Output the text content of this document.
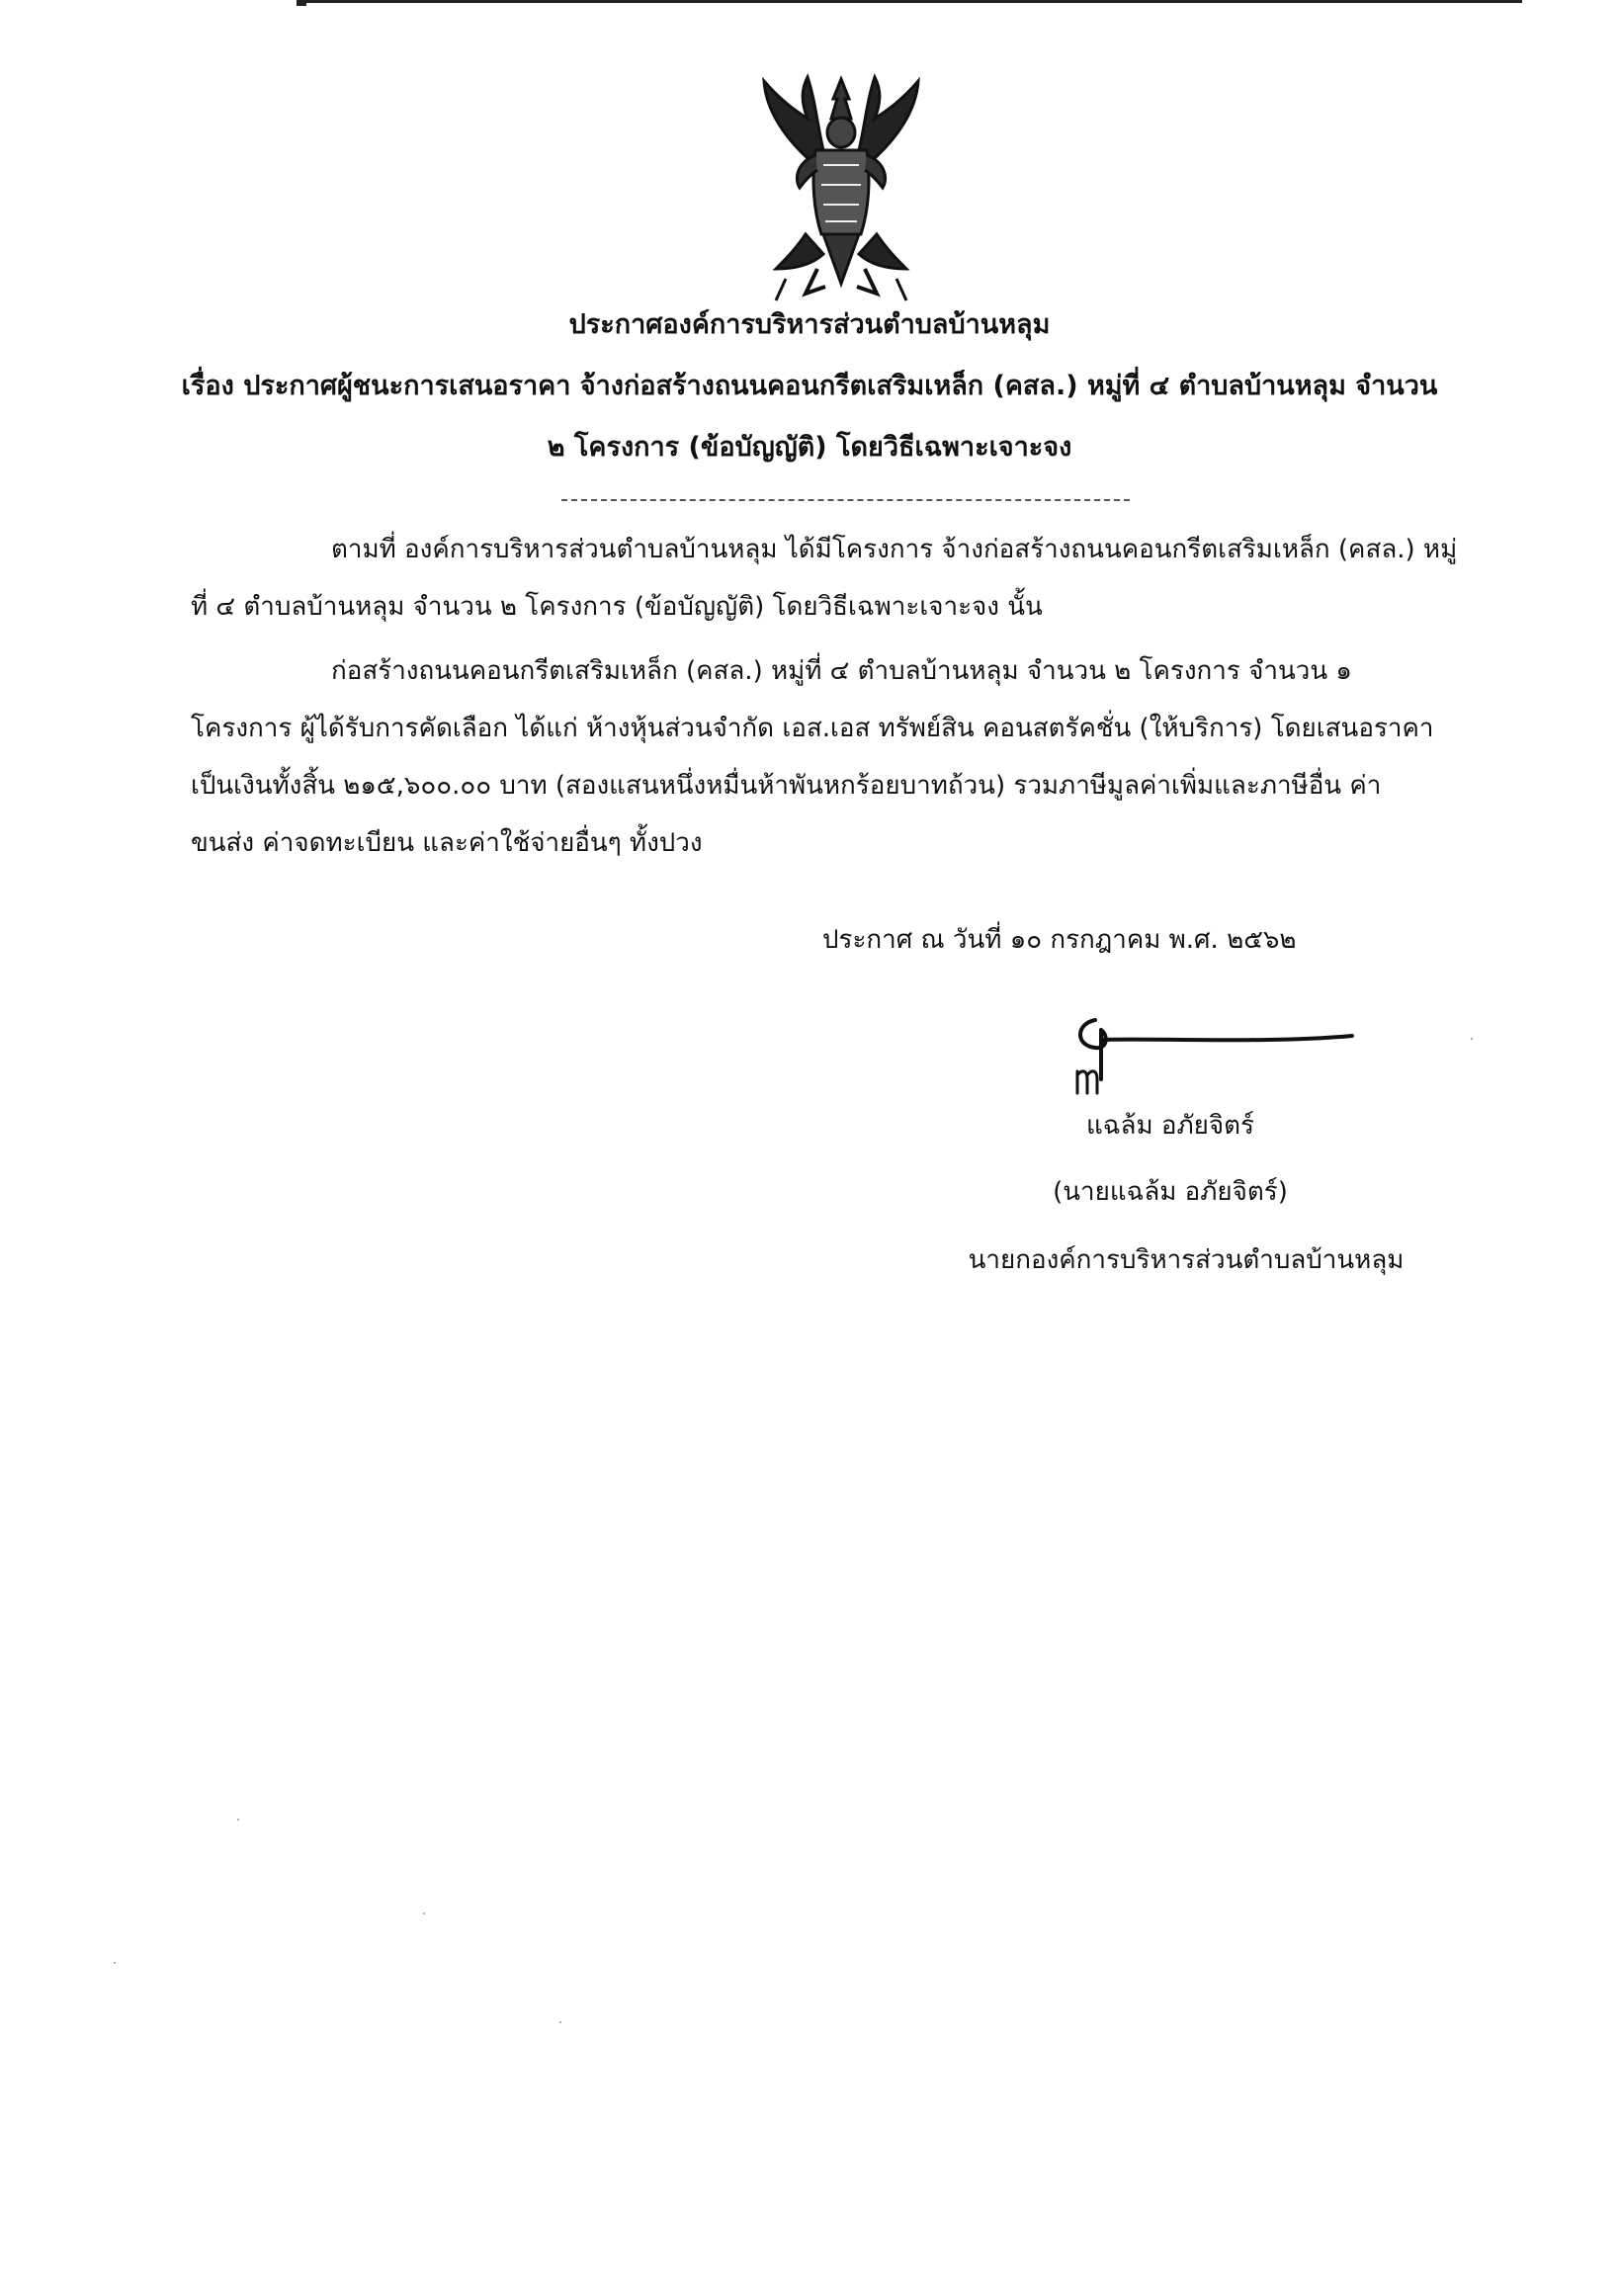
ประกาศองค์การบริหารส่วนตำบลบ้านหลุม
เรื่อง ประกาศผู้ชนะการเสนอราคา จ้างก่อสร้างถนนคอนกรีตเสริมเหล็ก (คสล.) หมู่ที่ ๔ ตำบลบ้านหลุม จำนวน
๒ โครงการ (ข้อบัญญัติ) โดยวิธีเฉพาะเจาะจง
ตามที่ องค์การบริหารส่วนตำบลบ้านหลุม ได้มีโครงการ จ้างก่อสร้างถนนคอนกรีตเสริมเหล็ก (คสล.) หมู่
ที่ ๔ ตำบลบ้านหลุม จำนวน ๒ โครงการ (ข้อบัญญัติ) โดยวิธีเฉพาะเจาะจง นั้น
ก่อสร้างถนนคอนกรีตเสริมเหล็ก (คสล.) หมู่ที่ ๔ ตำบลบ้านหลุม จำนวน ๒ โครงการ จำนวน ๑
โครงการ ผู้ได้รับการคัดเลือก ได้แก่ ห้างหุ้นส่วนจำกัด เอส.เอส ทรัพย์สิน คอนสตรัคชั่น (ให้บริการ) โดยเสนอราคา
เป็นเงินทั้งสิ้น ๒๑๕,๖๐๐.๐๐ บาท (สองแสนหนึ่งหมื่นห้าพันหกร้อยบาทถ้วน) รวมภาษีมูลค่าเพิ่มและภาษีอื่น ค่า
ขนส่ง ค่าจดทะเบียน และค่าใช้จ่ายอื่นๆ ทั้งปวง
ประกาศ ณ วันที่ ๑๐ กรกฎาคม พ.ศ. ๒๕๖๒
แฉล้ม อภัยจิตร์
(นายแฉล้ม อภัยจิตร์)
นายกองค์การบริหารส่วนตำบลบ้านหลุม
